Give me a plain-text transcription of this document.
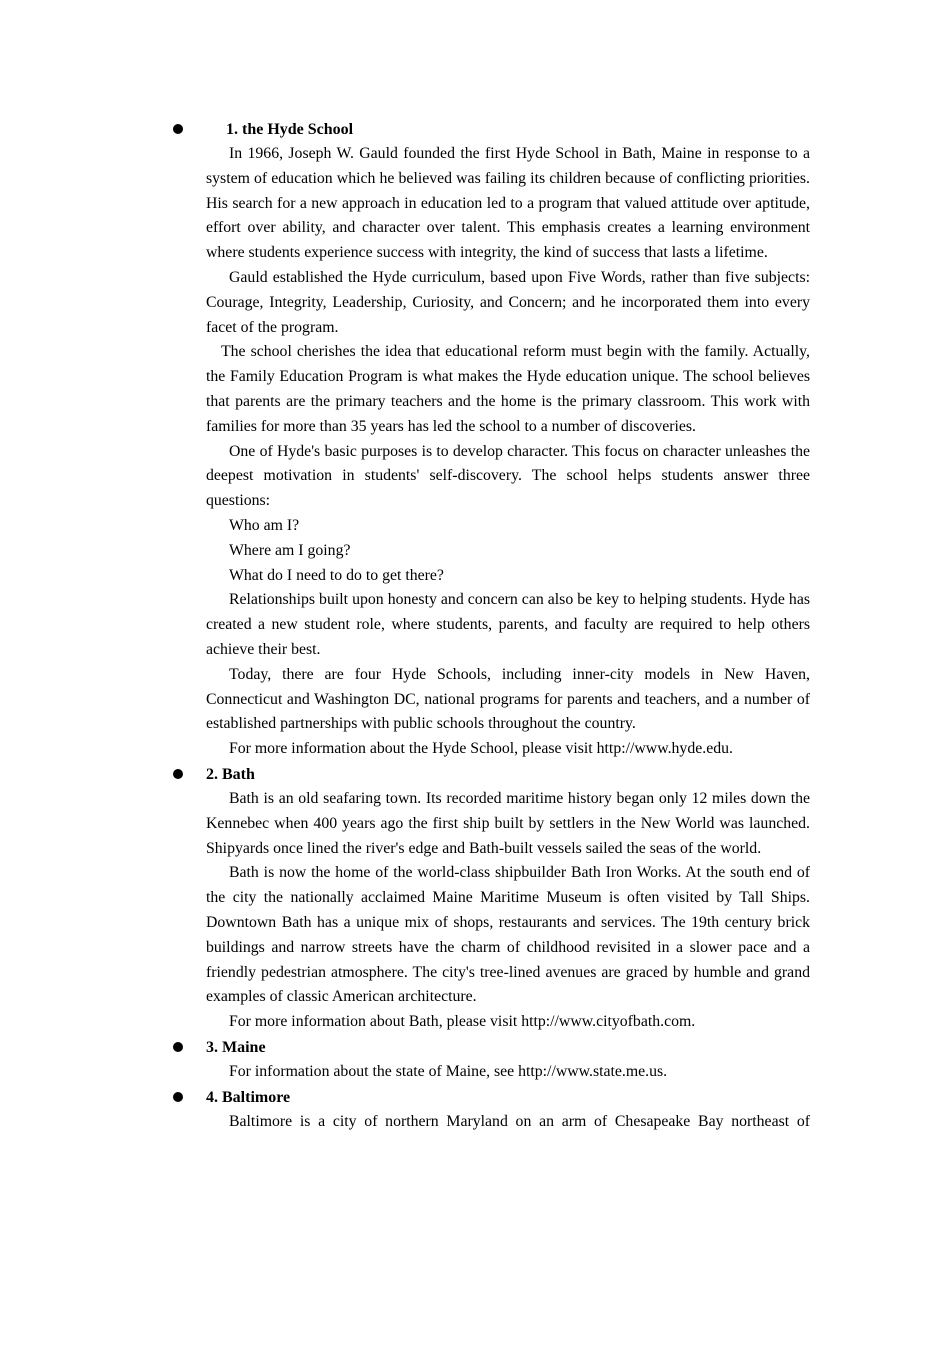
1. the Hyde School

In 1966, Joseph W. Gauld founded the first Hyde School in Bath, Maine in response to a system of education which he believed was failing its children because of conflicting priorities. His search for a new approach in education led to a program that valued attitude over aptitude, effort over ability, and character over talent. This emphasis creates a learning environment where students experience success with integrity, the kind of success that lasts a lifetime.

Gauld established the Hyde curriculum, based upon Five Words, rather than five subjects: Courage, Integrity, Leadership, Curiosity, and Concern; and he incorporated them into every facet of the program.

The school cherishes the idea that educational reform must begin with the family. Actually, the Family Education Program is what makes the Hyde education unique. The school believes that parents are the primary teachers and the home is the primary classroom. This work with families for more than 35 years has led the school to a number of discoveries.

One of Hyde's basic purposes is to develop character. This focus on character unleashes the deepest motivation in students' self-discovery. The school helps students answer three questions:

Who am I?

Where am I going?

What do I need to do to get there?

Relationships built upon honesty and concern can also be key to helping students. Hyde has created a new student role, where students, parents, and faculty are required to help others achieve their best.

Today, there are four Hyde Schools, including inner-city models in New Haven, Connecticut and Washington DC, national programs for parents and teachers, and a number of established partnerships with public schools throughout the country.

For more information about the Hyde School, please visit http://www.hyde.edu.

2. Bath

Bath is an old seafaring town. Its recorded maritime history began only 12 miles down the Kennebec when 400 years ago the first ship built by settlers in the New World was launched. Shipyards once lined the river's edge and Bath-built vessels sailed the seas of the world.

Bath is now the home of the world-class shipbuilder Bath Iron Works. At the south end of the city the nationally acclaimed Maine Maritime Museum is often visited by Tall Ships. Downtown Bath has a unique mix of shops, restaurants and services. The 19th century brick buildings and narrow streets have the charm of childhood revisited in a slower pace and a friendly pedestrian atmosphere. The city's tree-lined avenues are graced by humble and grand examples of classic American architecture.

For more information about Bath, please visit http://www.cityofbath.com.

3. Maine

For information about the state of Maine, see http://www.state.me.us.

4. Baltimore

Baltimore is a city of northern Maryland on an arm of Chesapeake Bay northeast of
